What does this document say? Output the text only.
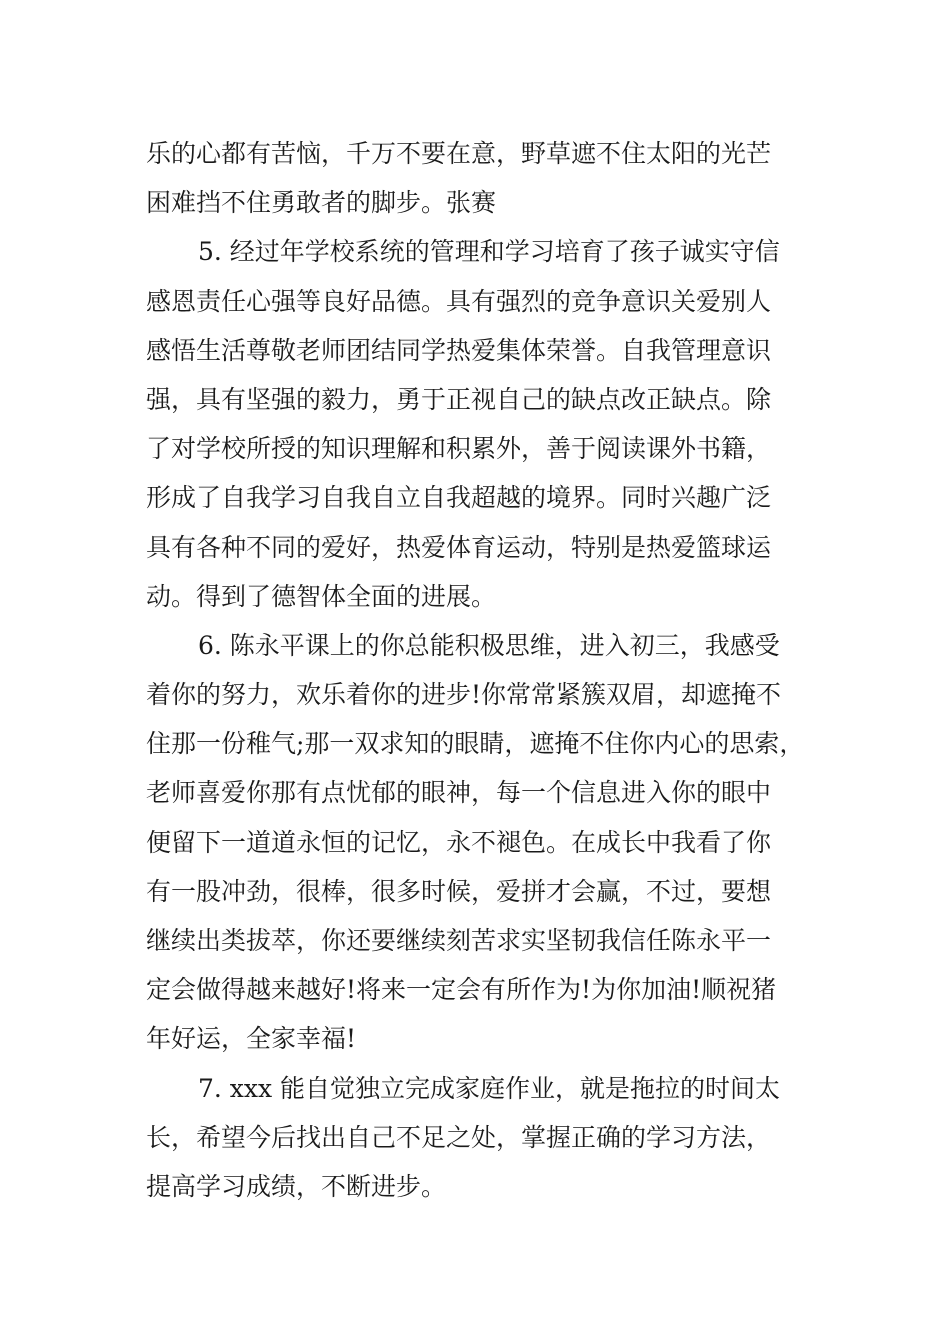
乐的心都有苦恼，千万不要在意，野草遮不住太阳的光芒
困难挡不住勇敢者的脚步。张赛
5. 经过年学校系统的管理和学习培育了孩子诚实守信
感恩责任心强等良好品德。具有强烈的竞争意识关爱别人
感悟生活尊敬老师团结同学热爱集体荣誉。自我管理意识
强，具有坚强的毅力，勇于正视自己的缺点改正缺点。除
了对学校所授的知识理解和积累外，善于阅读课外书籍，
形成了自我学习自我自立自我超越的境界。同时兴趣广泛
具有各种不同的爱好，热爱体育运动，特别是热爱篮球运
动。得到了德智体全面的进展。
6. 陈永平课上的你总能积极思维，进入初三，我感受
着你的努力，欢乐着你的进步!你常常紧簇双眉，却遮掩不
住那一份稚气;那一双求知的眼睛，遮掩不住你内心的思索，
老师喜爱你那有点忧郁的眼神，每一个信息进入你的眼中
便留下一道道永恒的记忆，永不褪色。在成长中我看了你
有一股冲劲，很棒，很多时候，爱拼才会赢，不过，要想
继续出类拔萃，你还要继续刻苦求实坚韧我信任陈永平一
定会做得越来越好!将来一定会有所作为!为你加油!顺祝猪
年好运，全家幸福!
7. xxx 能自觉独立完成家庭作业，就是拖拉的时间太
长，希望今后找出自己不足之处，掌握正确的学习方法，
提高学习成绩，不断进步。
